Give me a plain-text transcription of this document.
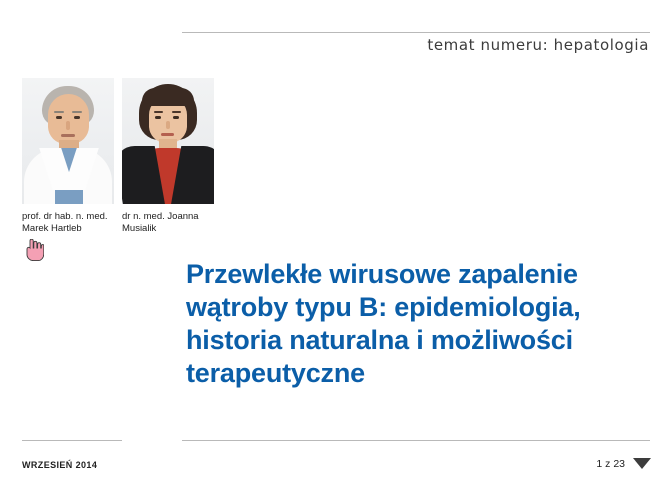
temat numeru: hepatologia
prof. dr hab. n. med.
Marek Hartleb
dr n. med. Joanna
Musialik
Przewlekłe wirusowe zapalenie wątroby typu B: epidemiologia, historia naturalna i możliwości terapeutyczne
WRZESIEŃ 2014	1 z 23
